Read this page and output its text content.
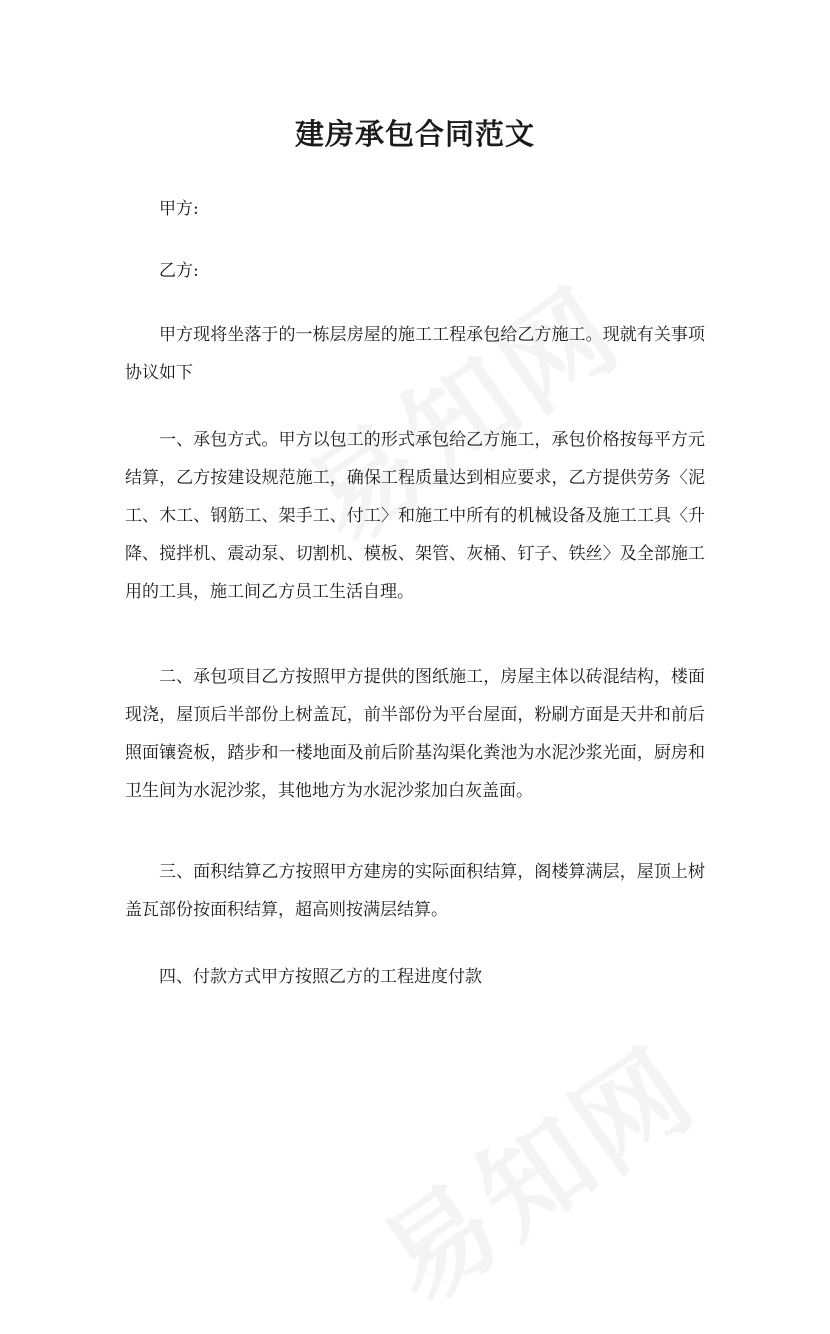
建房承包合同范文

甲方:

乙方:

甲方现将坐落于的一栋层房屋的施工工程承包给乙方施工。现就有关事项协议如下

一、承包方式。甲方以包工的形式承包给乙方施工，承包价格按每平方元结算，乙方按建设规范施工，确保工程质量达到相应要求，乙方提供劳务〈泥工、木工、钢筋工、架手工、付工〉和施工中所有的机械设备及施工工具〈升降、搅拌机、震动泵、切割机、模板、架管、灰桶、钉子、铁丝〉及全部施工用的工具，施工间乙方员工生活自理。

二、承包项目乙方按照甲方提供的图纸施工，房屋主体以砖混结构，楼面现浇，屋顶后半部份上树盖瓦，前半部份为平台屋面，粉刷方面是天井和前后照面镶瓷板，踏步和一楼地面及前后阶基沟渠化粪池为水泥沙浆光面，厨房和卫生间为水泥沙浆，其他地方为水泥沙浆加白灰盖面。

三、面积结算乙方按照甲方建房的实际面积结算，阁楼算满层，屋顶上树盖瓦部份按面积结算，超高则按满层结算。

四、付款方式甲方按照乙方的工程进度付款
